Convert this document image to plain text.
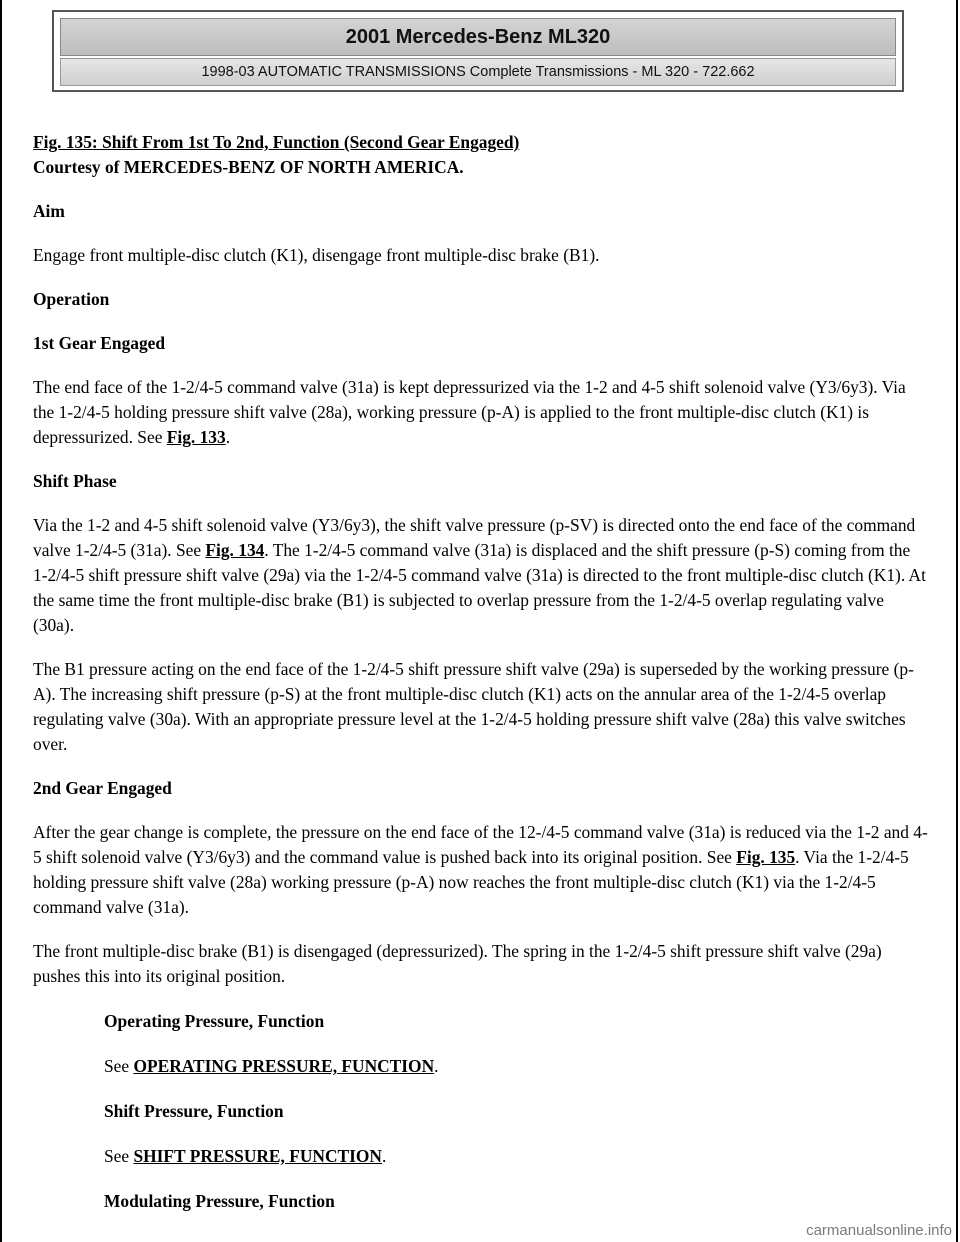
2001 Mercedes-Benz ML320
1998-03 AUTOMATIC TRANSMISSIONS Complete Transmissions - ML 320 - 722.662

Fig. 135: Shift From 1st To 2nd, Function (Second Gear Engaged)

Courtesy of MERCEDES-BENZ OF NORTH AMERICA.

Aim

Engage front multiple-disc clutch (K1), disengage front multiple-disc brake (B1).

Operation

1st Gear Engaged

The end face of the 1-2/4-5 command valve (31a) is kept depressurized via the 1-2 and 4-5 shift solenoid valve (Y3/6y3). Via the 1-2/4-5 holding pressure shift valve (28a), working pressure (p-A) is applied to the front multiple-disc clutch (K1) is depressurized. See Fig. 133.

Shift Phase

Via the 1-2 and 4-5 shift solenoid valve (Y3/6y3), the shift valve pressure (p-SV) is directed onto the end face of the command valve 1-2/4-5 (31a). See Fig. 134. The 1-2/4-5 command valve (31a) is displaced and the shift pressure (p-S) coming from the 1-2/4-5 shift pressure shift valve (29a) via the 1-2/4-5 command valve (31a) is directed to the front multiple-disc clutch (K1). At the same time the front multiple-disc brake (B1) is subjected to overlap pressure from the 1-2/4-5 overlap regulating valve (30a).

The B1 pressure acting on the end face of the 1-2/4-5 shift pressure shift valve (29a) is superseded by the working pressure (p-A). The increasing shift pressure (p-S) at the front multiple-disc clutch (K1) acts on the annular area of the 1-2/4-5 overlap regulating valve (30a). With an appropriate pressure level at the 1-2/4-5 holding pressure shift valve (28a) this valve switches over.

2nd Gear Engaged

After the gear change is complete, the pressure on the end face of the 12-/4-5 command valve (31a) is reduced via the 1-2 and 4-5 shift solenoid valve (Y3/6y3) and the command value is pushed back into its original position. See Fig. 135. Via the 1-2/4-5 holding pressure shift valve (28a) working pressure (p-A) now reaches the front multiple-disc clutch (K1) via the 1-2/4-5 command valve (31a).

The front multiple-disc brake (B1) is disengaged (depressurized). The spring in the 1-2/4-5 shift pressure shift valve (29a) pushes this into its original position.

Operating Pressure, Function

See OPERATING PRESSURE, FUNCTION.

Shift Pressure, Function

See SHIFT PRESSURE, FUNCTION.

Modulating Pressure, Function

carmanualsonline.info
